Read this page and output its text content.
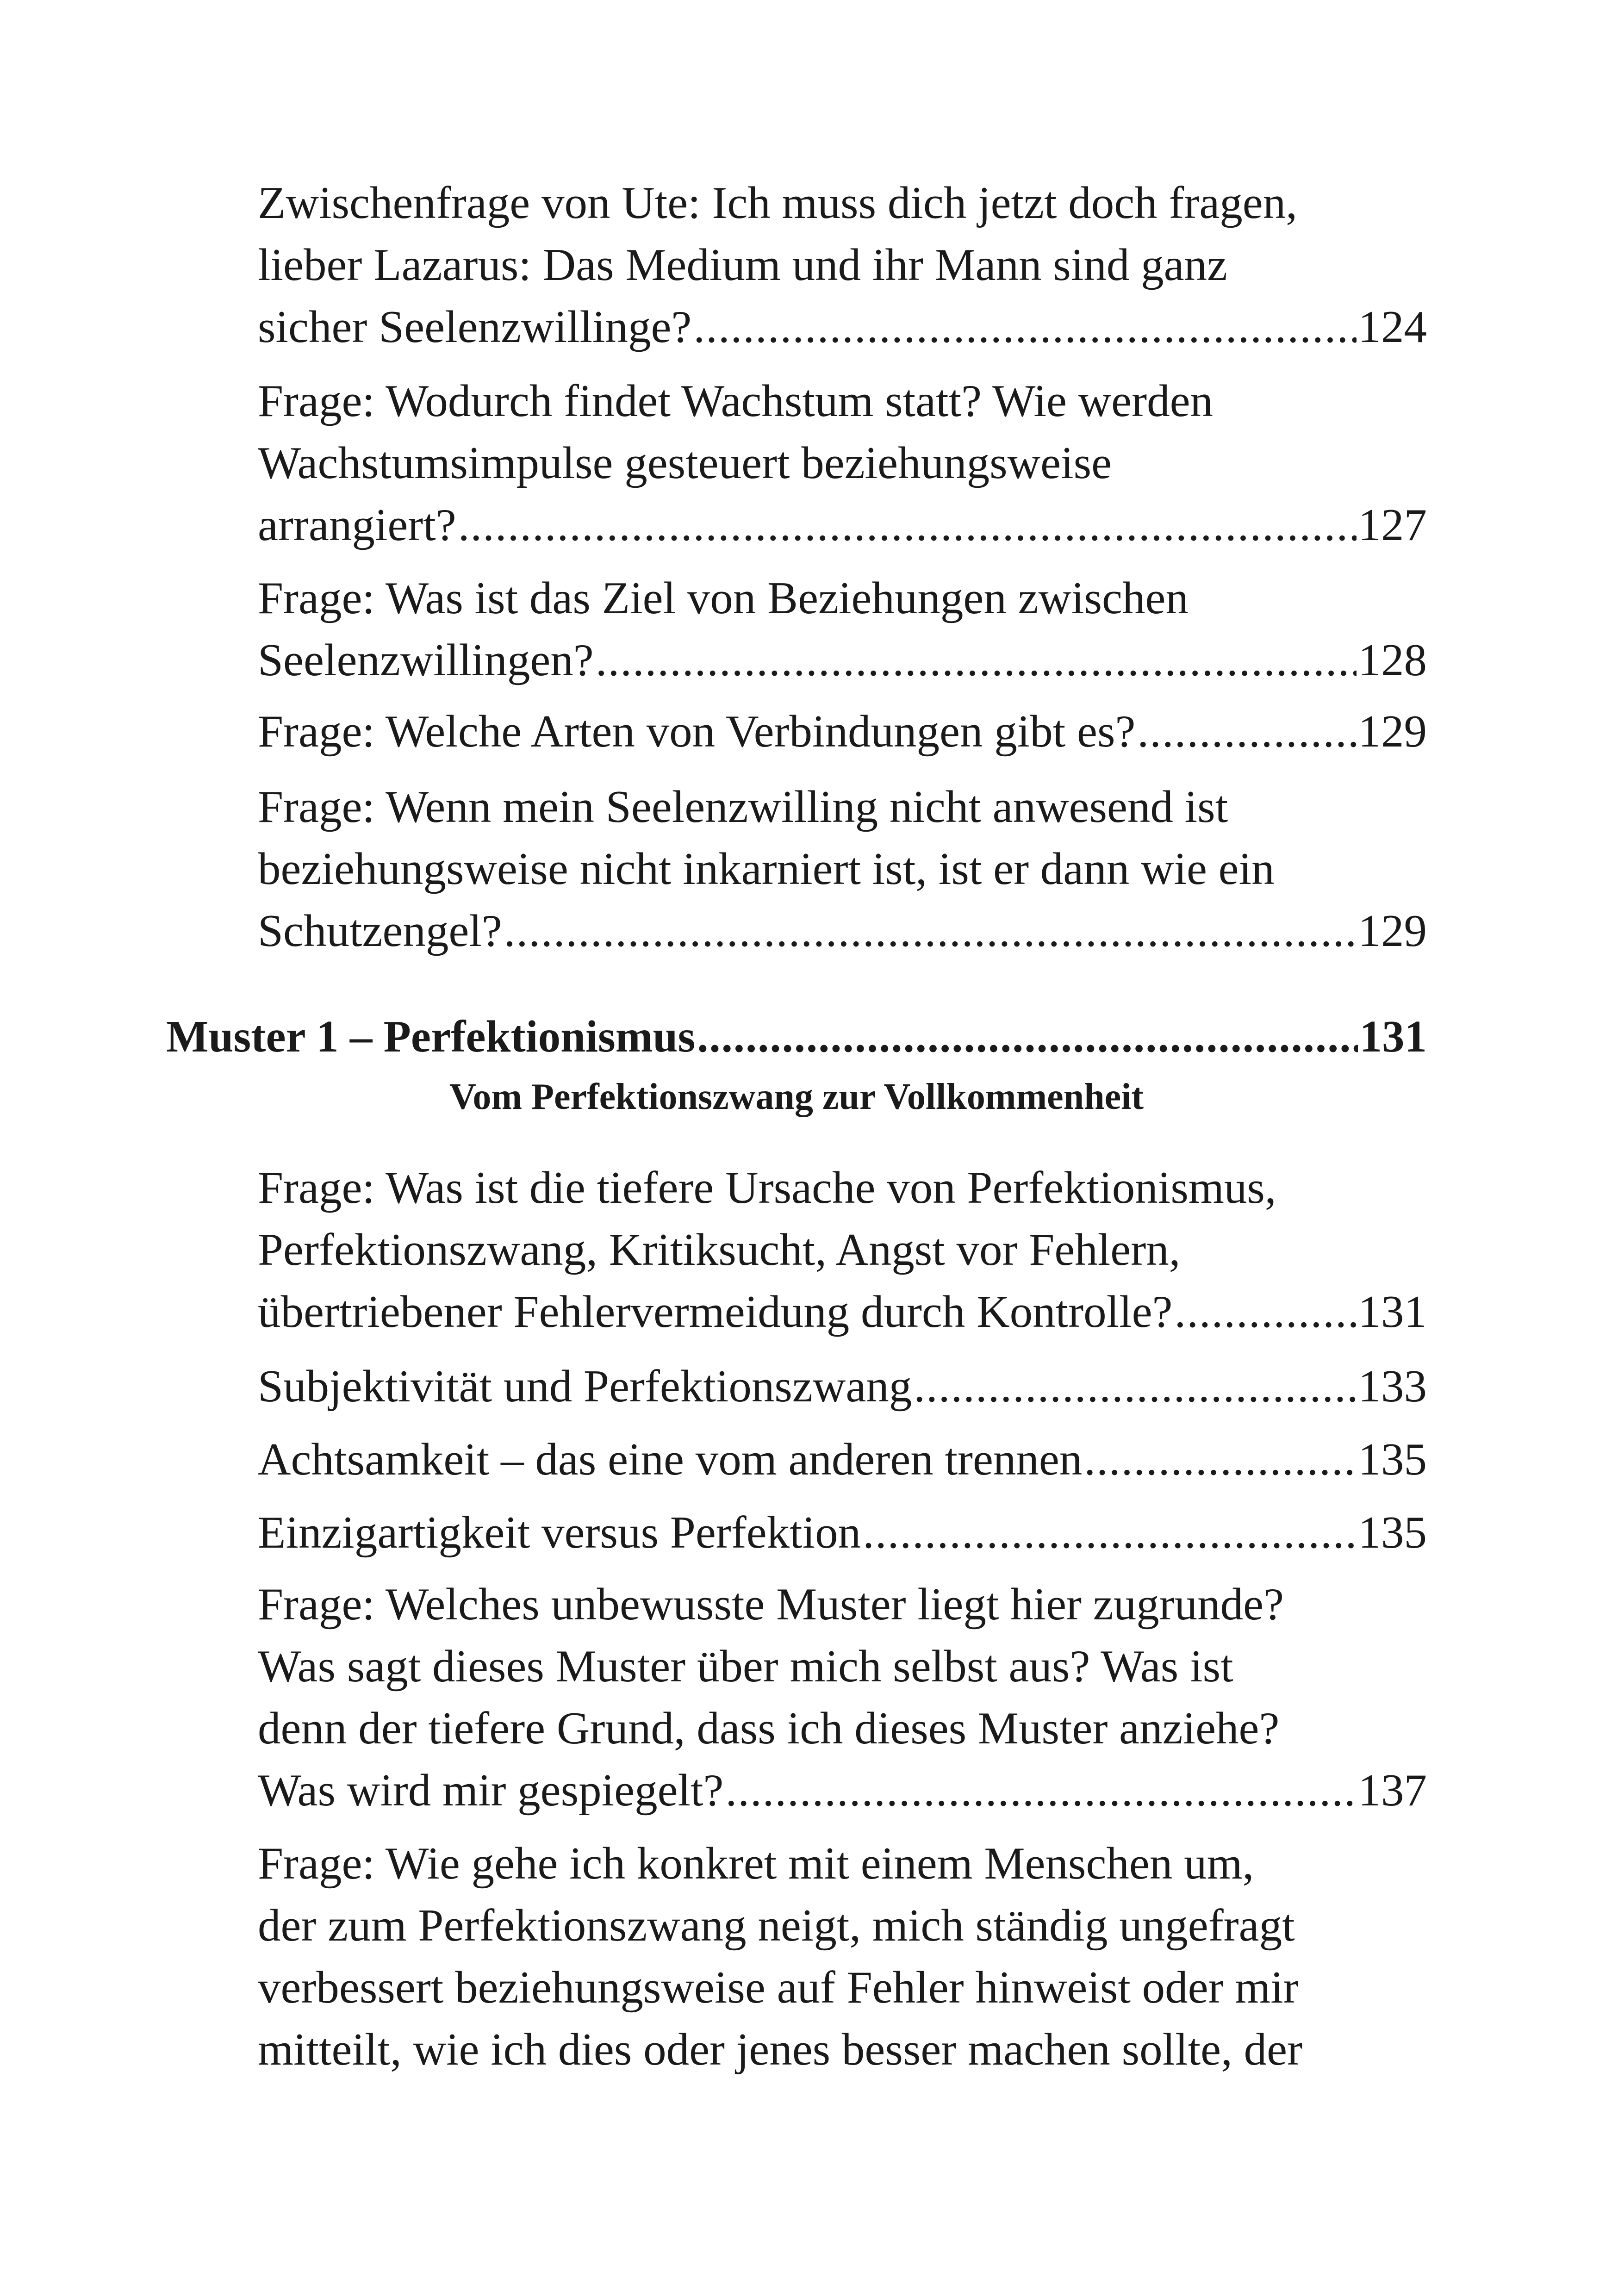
Zwischenfrage von Ute: Ich muss dich jetzt doch fragen,
lieber Lazarus: Das Medium und ihr Mann sind ganz
sicher Seelenzwillinge? .....	124
Frage: Wodurch findet Wachstum statt? Wie werden
Wachstumsimpulse gesteuert beziehungsweise
arrangiert? .....	127
Frage: Was ist das Ziel von Beziehungen zwischen
Seelenzwillingen? .....	128
Frage: Welche Arten von Verbindungen gibt es? .....	129
Frage: Wenn mein Seelenzwilling nicht anwesend ist
beziehungsweise nicht inkarniert ist, ist er dann wie ein
Schutzengel? .....	129
Muster 1 – Perfektionismus .....	131
Vom Perfektionszwang zur Vollkommenheit
Frage: Was ist die tiefere Ursache von Perfektionismus,
Perfektionszwang, Kritiksucht, Angst vor Fehlern,
übertriebener Fehlervermeidung durch Kontrolle? .....	131
Subjektivität und Perfektionszwang .....	133
Achtsamkeit – das eine vom anderen trennen .....	135
Einzigartigkeit versus Perfektion .....	135
Frage: Welches unbewusste Muster liegt hier zugrunde?
Was sagt dieses Muster über mich selbst aus? Was ist
denn der tiefere Grund, dass ich dieses Muster anziehe?
Was wird mir gespiegelt? .....	137
Frage: Wie gehe ich konkret mit einem Menschen um,
der zum Perfektionszwang neigt, mich ständig ungefragt
verbessert beziehungsweise auf Fehler hinweist oder mir
mitteilt, wie ich dies oder jenes besser machen sollte, der
